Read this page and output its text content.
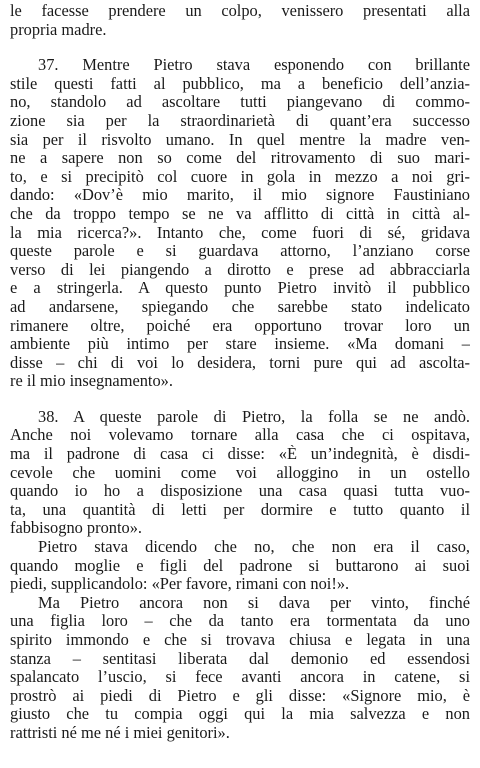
le facesse prendere un colpo, venissero presentati alla
propria madre.
37. Mentre Pietro stava esponendo con brillante
stile questi fatti al pubblico, ma a beneficio dell’anzia-
no, standolo ad ascoltare tutti piangevano di commo-
zione sia per la straordinarietà di quant’era successo
sia per il risvolto umano. In quel mentre la madre ven-
ne a sapere non so come del ritrovamento di suo mari-
to, e si precipitò col cuore in gola in mezzo a noi gri-
dando: «Dov’è mio marito, il mio signore Faustiniano
che da troppo tempo se ne va afflitto di città in città al-
la mia ricerca?». Intanto che, come fuori di sé, gridava
queste parole e si guardava attorno, l’anziano corse
verso di lei piangendo a dirotto e prese ad abbracciarla
e a stringerla. A questo punto Pietro invitò il pubblico
ad andarsene, spiegando che sarebbe stato indelicato
rimanere oltre, poiché era opportuno trovar loro un
ambiente più intimo per stare insieme. «Ma domani –
disse – chi di voi lo desidera, torni pure qui ad ascolta-
re il mio insegnamento».
38. A queste parole di Pietro, la folla se ne andò.
Anche noi volevamo tornare alla casa che ci ospitava,
ma il padrone di casa ci disse: «È un’indegnità, è disdi-
cevole che uomini come voi alloggino in un ostello
quando io ho a disposizione una casa quasi tutta vuo-
ta, una quantità di letti per dormire e tutto quanto il
fabbisogno pronto».
Pietro stava dicendo che no, che non era il caso,
quando moglie e figli del padrone si buttarono ai suoi
piedi, supplicandolo: «Per favore, rimani con noi!».
Ma Pietro ancora non si dava per vinto, finché
una figlia loro – che da tanto era tormentata da uno
spirito immondo e che si trovava chiusa e legata in una
stanza – sentitasi liberata dal demonio ed essendosi
spalancato l’uscio, si fece avanti ancora in catene, si
prostrò ai piedi di Pietro e gli disse: «Signore mio, è
giusto che tu compia oggi qui la mia salvezza e non
rattristi né me né i miei genitori».
